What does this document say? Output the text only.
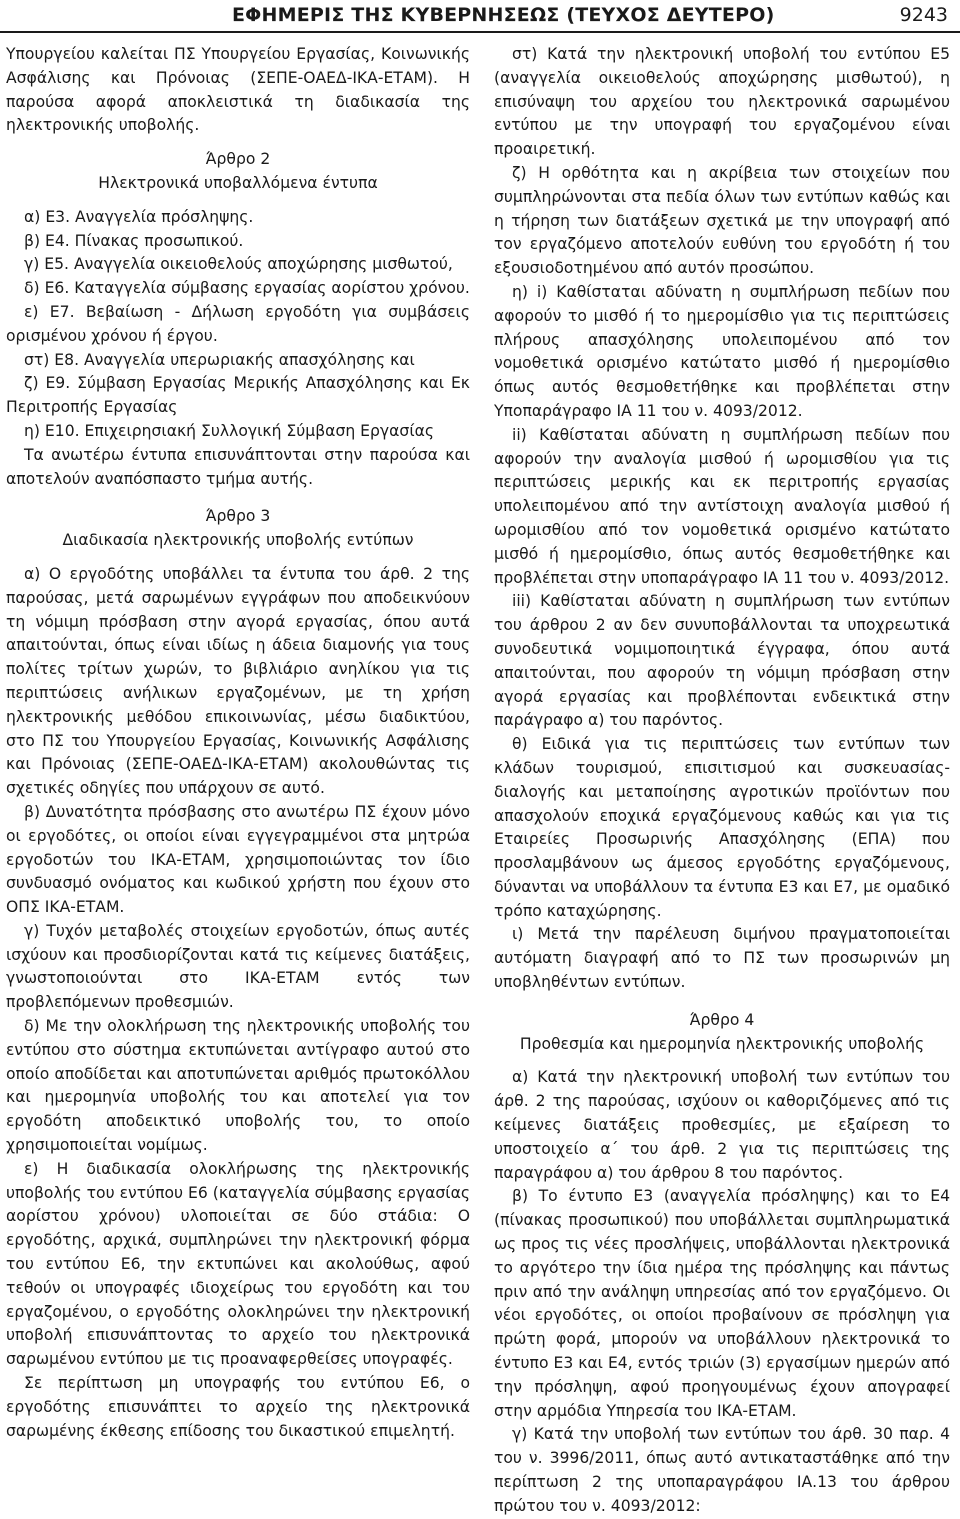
ΕΦΗΜΕΡΙΣ ΤΗΣ ΚΥΒΕΡΝΗΣΕΩΣ (ΤΕΥΧΟΣ ΔΕΥΤΕΡΟ)	9243

Υπουργείου καλείται ΠΣ Υπουργείου Εργασίας, Κοινωνικής Ασφάλισης και Πρόνοιας (ΣΕΠΕ-ΟΑΕΔ-ΙΚΑ-ΕΤΑΜ). Η παρούσα αφορά αποκλειστικά τη διαδικασία της ηλεκτρονικής υποβολής.

Άρθρο 2

Ηλεκτρονικά υποβαλλόμενα έντυπα

α) Ε3. Αναγγελία πρόσληψης.

β) Ε4. Πίνακας προσωπικού.

γ) Ε5. Αναγγελία οικειοθελούς αποχώρησης μισθωτού,

δ) Ε6. Καταγγελία σύμβασης εργασίας αορίστου χρόνου.

ε) Ε7. Βεβαίωση - Δήλωση εργοδότη για συμβάσεις ορισμένου χρόνου ή έργου.

στ) Ε8. Αναγγελία υπερωριακής απασχόλησης και

ζ) Ε9. Σύμβαση Εργασίας Μερικής Απασχόλησης και Εκ Περιτροπής Εργασίας

η) Ε10. Επιχειρησιακή Συλλογική Σύμβαση Εργασίας

Τα ανωτέρω έντυπα επισυνάπτονται στην παρούσα και αποτελούν αναπόσπαστο τμήμα αυτής.

Άρθρο 3

Διαδικασία ηλεκτρονικής υποβολής εντύπων

α) Ο εργοδότης υποβάλλει τα έντυπα του άρθ. 2 της παρούσας, μετά σαρωμένων εγγράφων που αποδεικνύουν τη νόμιμη πρόσβαση στην αγορά εργασίας, όπου αυτά απαιτούνται, όπως είναι ιδίως η άδεια διαμονής για τους πολίτες τρίτων χωρών, το βιβλιάριο ανηλίκου για τις περιπτώσεις ανήλικων εργαζομένων, με τη χρήση ηλεκτρονικής μεθόδου επικοινωνίας, μέσω διαδικτύου, στο ΠΣ του Υπουργείου Εργασίας, Κοινωνικής Ασφάλισης και Πρόνοιας (ΣΕΠΕ-ΟΑΕΔ-ΙΚΑ-ΕΤΑΜ) ακολουθώντας τις σχετικές οδηγίες που υπάρχουν σε αυτό.

β) Δυνατότητα πρόσβασης στο ανωτέρω ΠΣ έχουν μόνο οι εργοδότες, οι οποίοι είναι εγγεγραμμένοι στα μητρώα εργοδοτών του ΙΚΑ-ΕΤΑΜ, χρησιμοποιώντας τον ίδιο συνδυασμό ονόματος και κωδικού χρήστη που έχουν στο ΟΠΣ ΙΚΑ-ΕΤΑΜ.

γ) Τυχόν μεταβολές στοιχείων εργοδοτών, όπως αυτές ισχύουν και προσδιορίζονται κατά τις κείμενες διατάξεις, γνωστοποιούνται στο ΙΚΑ-ΕΤΑΜ εντός των προβλεπόμενων προθεσμιών.

δ) Με την ολοκλήρωση της ηλεκτρονικής υποβολής του εντύπου στο σύστημα εκτυπώνεται αντίγραφο αυτού στο οποίο αποδίδεται και αποτυπώνεται αριθμός πρωτοκόλλου και ημερομηνία υποβολής του και αποτελεί για τον εργοδότη αποδεικτικό υποβολής του, το οποίο χρησιμοποιείται νομίμως.

ε) Η διαδικασία ολοκλήρωσης της ηλεκτρονικής υποβολής του εντύπου Ε6 (καταγγελία σύμβασης εργασίας αορίστου χρόνου) υλοποιείται σε δύο στάδια: Ο εργοδότης, αρχικά, συμπληρώνει την ηλεκτρονική φόρμα του εντύπου Ε6, την εκτυπώνει και ακολούθως, αφού τεθούν οι υπογραφές ιδιοχείρως του εργοδότη και του εργαζομένου, ο εργοδότης ολοκληρώνει την ηλεκτρονική υποβολή επισυνάπτοντας το αρχείο του ηλεκτρονικά σαρωμένου εντύπου με τις προαναφερθείσες υπογραφές.

Σε περίπτωση μη υπογραφής του εντύπου Ε6, ο εργοδότης επισυνάπτει το αρχείο της ηλεκτρονικά σαρωμένης έκθεσης επίδοσης του δικαστικού επιμελητή.

στ) Κατά την ηλεκτρονική υποβολή του εντύπου Ε5 (αναγγελία οικειοθελούς αποχώρησης μισθωτού), η επισύναψη του αρχείου του ηλεκτρονικά σαρωμένου εντύπου με την υπογραφή του εργαζομένου είναι προαιρετική.

ζ) Η ορθότητα και η ακρίβεια των στοιχείων που συμπληρώνονται στα πεδία όλων των εντύπων καθώς και η τήρηση των διατάξεων σχετικά με την υπογραφή από τον εργαζόμενο αποτελούν ευθύνη του εργοδότη ή του εξουσιοδοτημένου από αυτόν προσώπου.

η) i) Καθίσταται αδύνατη η συμπλήρωση πεδίων που αφορούν το μισθό ή το ημερομίσθιο για τις περιπτώσεις πλήρους απασχόλησης υπολειπομένου από τον νομοθετικά ορισμένο κατώτατο μισθό ή ημερομίσθιο όπως αυτός θεσμοθετήθηκε και προβλέπεται στην Υποπαράγραφο ΙΑ 11 του ν. 4093/2012.

ii) Καθίσταται αδύνατη η συμπλήρωση πεδίων που αφορούν την αναλογία μισθού ή ωρομισθίου για τις περιπτώσεις μερικής και εκ περιτροπής εργασίας υπολειπομένου από την αντίστοιχη αναλογία μισθού ή ωρομισθίου από τον νομοθετικά ορισμένο κατώτατο μισθό ή ημερομίσθιο, όπως αυτός θεσμοθετήθηκε και προβλέπεται στην υποπαράγραφο ΙΑ 11 του ν. 4093/2012.

iii) Καθίσταται αδύνατη η συμπλήρωση των εντύπων του άρθρου 2 αν δεν συνυποβάλλονται τα υποχρεωτικά συνοδευτικά νομιμοποιητικά έγγραφα, όπου αυτά απαιτούνται, που αφορούν τη νόμιμη πρόσβαση στην αγορά εργασίας και προβλέπονται ενδεικτικά στην παράγραφο α) του παρόντος.

θ) Ειδικά για τις περιπτώσεις των εντύπων των κλάδων τουρισμού, επισιτισμού και συσκευασίας- διαλογής και μεταποίησης αγροτικών προϊόντων που απασχολούν εποχικά εργαζόμενους καθώς και για τις Εταιρείες Προσωρινής Απασχόλησης (ΕΠΑ) που προσλαμβάνουν ως άμεσος εργοδότης εργαζόμενους, δύνανται να υποβάλλουν τα έντυπα Ε3 και Ε7, με ομαδικό τρόπο καταχώρησης.

ι) Μετά την παρέλευση διμήνου πραγματοποιείται αυτόματη διαγραφή από το ΠΣ των προσωρινών μη υποβληθέντων εντύπων.

Άρθρο 4

Προθεσμία και ημερομηνία ηλεκτρονικής υποβολής

α) Κατά την ηλεκτρονική υποβολή των εντύπων του άρθ. 2 της παρούσας, ισχύουν οι καθοριζόμενες από τις κείμενες διατάξεις προθεσμίες, με εξαίρεση το υποστοιχείο α΄ του άρθ. 2 για τις περιπτώσεις της παραγράφου α) του άρθρου 8 του παρόντος.

β) Το έντυπο Ε3 (αναγγελία πρόσληψης) και το Ε4 (πίνακας προσωπικού) που υποβάλλεται συμπληρωματικά ως προς τις νέες προσλήψεις, υποβάλλονται ηλεκτρονικά το αργότερο την ίδια ημέρα της πρόσληψης και πάντως πριν από την ανάληψη υπηρεσίας από τον εργαζόμενο. Οι νέοι εργοδότες, οι οποίοι προβαίνουν σε πρόσληψη για πρώτη φορά, μπορούν να υποβάλλουν ηλεκτρονικά το έντυπο Ε3 και Ε4, εντός τριών (3) εργασίμων ημερών από την πρόσληψη, αφού προηγουμένως έχουν απογραφεί στην αρμόδια Υπηρεσία του ΙΚΑ-ΕΤΑΜ.

γ) Κατά την υποβολή των εντύπων του άρθ. 30 παρ. 4 του ν. 3996/2011, όπως αυτό αντικαταστάθηκε από την περίπτωση 2 της υποπαραγράφου ΙΑ.13 του άρθρου πρώτου του ν. 4093/2012:
